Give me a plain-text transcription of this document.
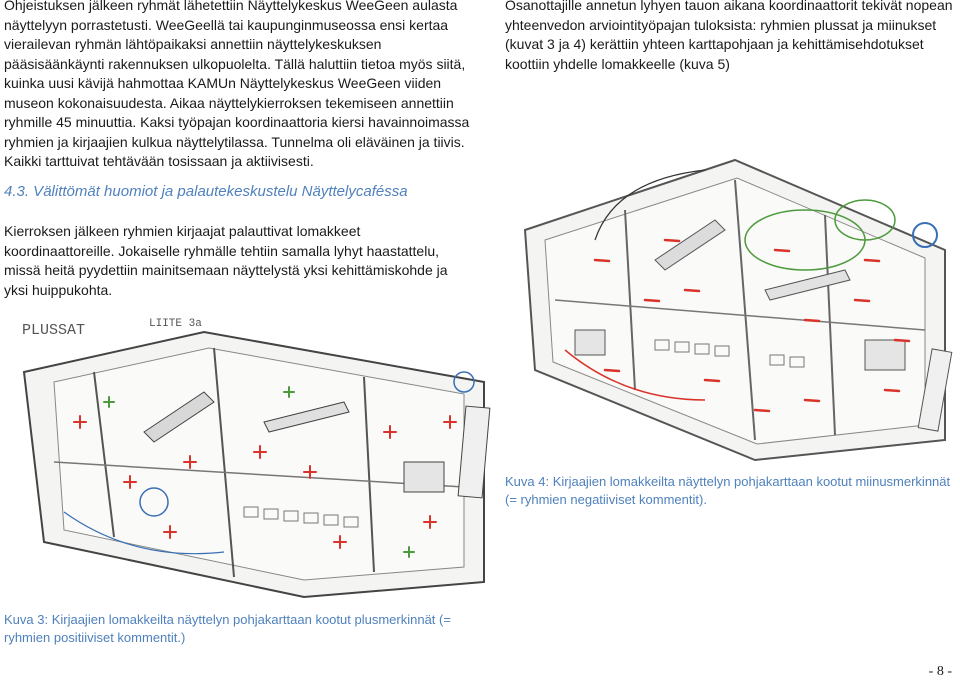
Ohjeistuksen jälkeen ryhmät lähetettiin Näyttelykeskus WeeGeen aulasta näyttelyyn porrastetusti. WeeGeellä tai kaupunginmuseossa ensi kertaa vierailevan ryhmän lähtöpaikaksi annettiin näyttelykeskuksen pääsisäänkäynti rakennuksen ulkopuolelta. Tällä haluttiin tietoa myös siitä, kuinka uusi kävijä hahmottaa KAMUn Näyttelykeskus WeeGeen viiden museon kokonaisuudesta. Aikaa näyttelykierroksen tekemiseen annettiin ryhmille 45 minuuttia. Kaksi työpajan koordinaattoria kiersi havainnoimassa ryhmien ja kirjaajien kulkua näyttelytilassa. Tunnelma oli eläväinen ja tiivis. Kaikki tarttuivat tehtävään tosissaan ja aktiivisesti.

4.3. Välittömät huomiot ja palautekeskustelu Näyttelycaféssa

Kierroksen jälkeen ryhmien kirjaajat palauttivat lomakkeet koordinaattoreille. Jokaiselle ryhmälle tehtiin samalla lyhyt haastattelu, missä heitä pyydettiin mainitsemaan näyttelystä yksi kehittämiskohde ja yksi huippukohta.

Osanottajille annetun lyhyen tauon aikana koordinaattorit tekivät nopean yhteenvedon arviointityöpajan tuloksista: ryhmien plussat ja miinukset (kuvat 3 ja 4) kerättiin yhteen karttapohjaan ja kehittämisehdotukset koottiin yhdelle lomakkeelle (kuva 5)

Kuva 4: Kirjaajien lomakkeilta näyttelyn pohjakarttaan kootut miinusmerkinnät (= ryhmien negatiiviset kommentit).

PLUSSAT	LIITE 3a

Kuva 3: Kirjaajien lomakkeilta näyttelyn pohjakarttaan kootut plusmerkinnät (= ryhmien positiiviset kommentit.)

- 8 -
